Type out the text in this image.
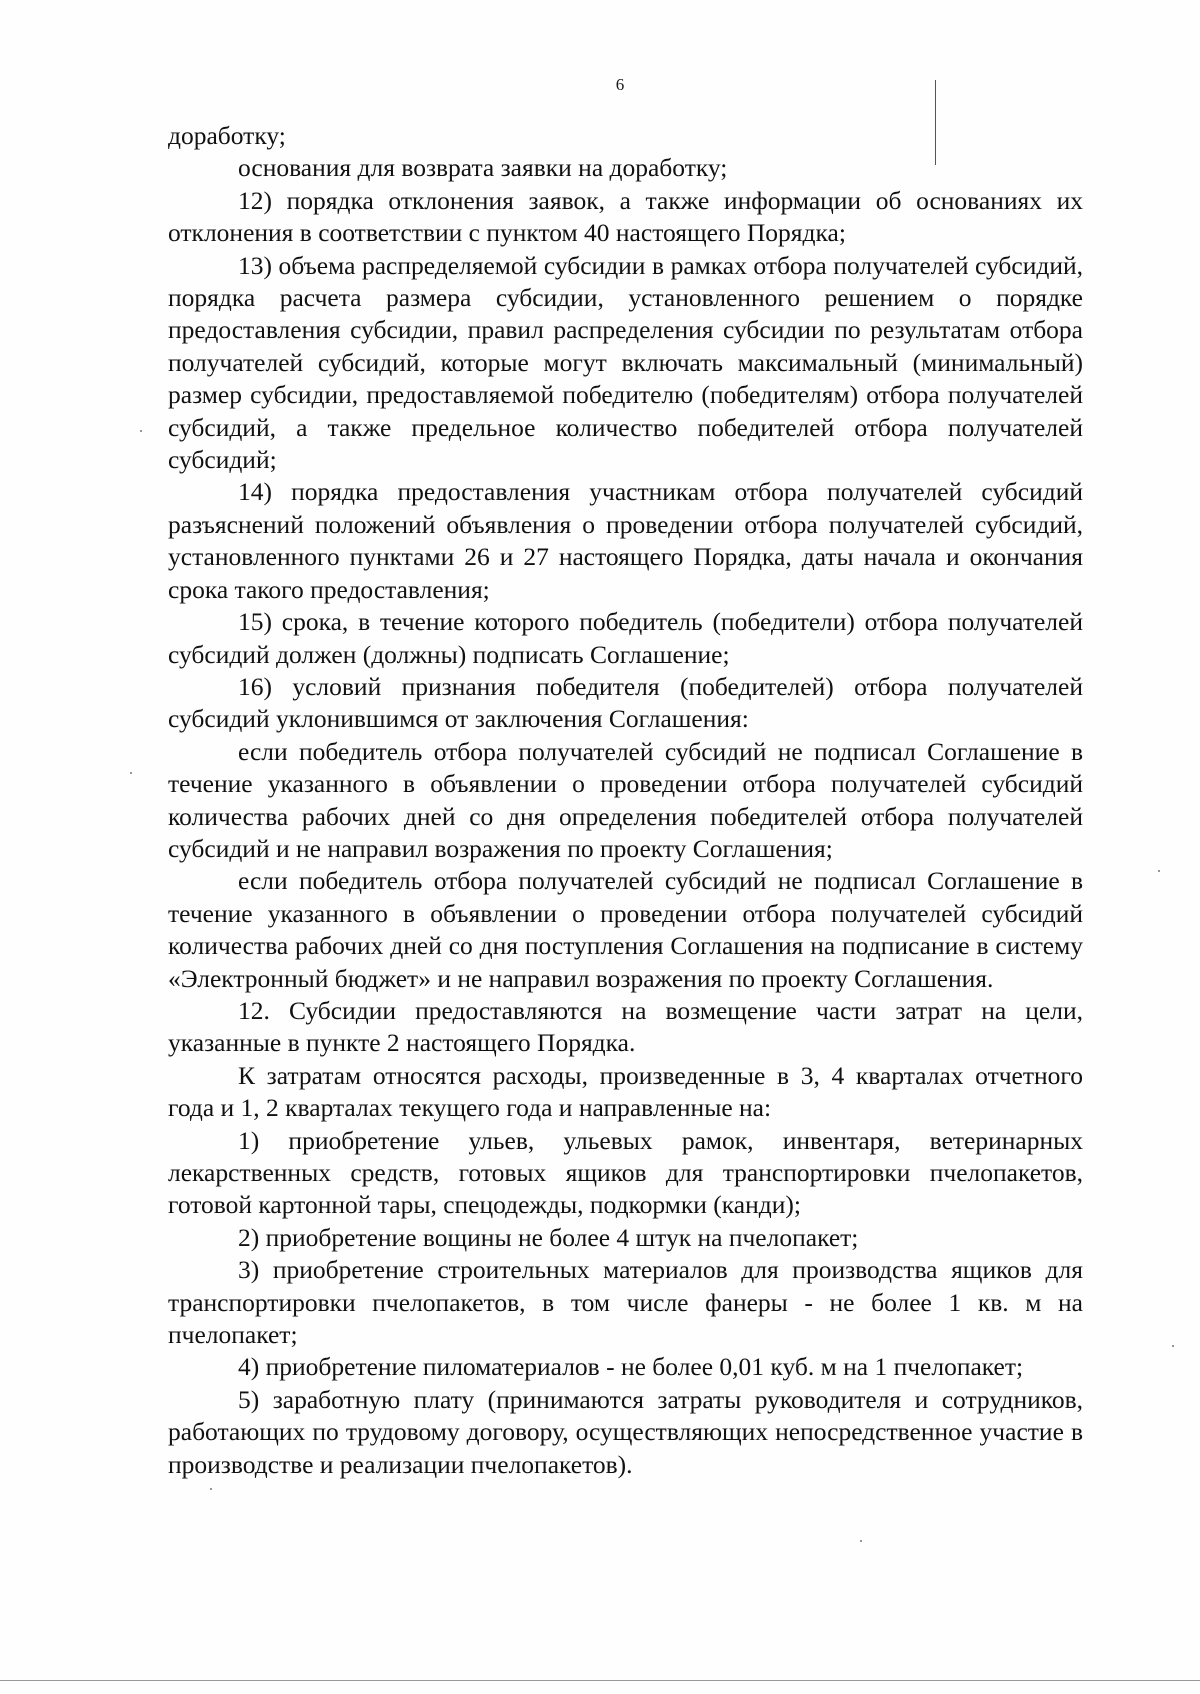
6

доработку;

основания для возврата заявки на доработку;

12) порядка отклонения заявок, а также информации об основаниях их отклонения в соответствии с пунктом 40 настоящего Порядка;

13) объема распределяемой субсидии в рамках отбора получателей субсидий, порядка расчета размера субсидии, установленного решением о порядке предоставления субсидии, правил распределения субсидии по результатам отбора получателей субсидий, которые могут включать максимальный (минимальный) размер субсидии, предоставляемой победителю (победителям) отбора получателей субсидий, а также предельное количество победителей отбора получателей субсидий;

14) порядка предоставления участникам отбора получателей субсидий разъяснений положений объявления о проведении отбора получателей субсидий, установленного пунктами 26 и 27 настоящего Порядка, даты начала и окончания срока такого предоставления;

15) срока, в течение которого победитель (победители) отбора получателей субсидий должен (должны) подписать Соглашение;

16) условий признания победителя (победителей) отбора получателей субсидий уклонившимся от заключения Соглашения:

если победитель отбора получателей субсидий не подписал Соглашение в течение указанного в объявлении о проведении отбора получателей субсидий количества рабочих дней со дня определения победителей отбора получателей субсидий и не направил возражения по проекту Соглашения;

если победитель отбора получателей субсидий не подписал Соглашение в течение указанного в объявлении о проведении отбора получателей субсидий количества рабочих дней со дня поступления Соглашения на подписание в систему «Электронный бюджет» и не направил возражения по проекту Соглашения.

12. Субсидии предоставляются на возмещение части затрат на цели, указанные в пункте 2 настоящего Порядка.

К затратам относятся расходы, произведенные в 3, 4 кварталах отчетного года и 1, 2 кварталах текущего года и направленные на:

1) приобретение ульев, ульевых рамок, инвентаря, ветеринарных лекарственных средств, готовых ящиков для транспортировки пчелопакетов, готовой картонной тары, спецодежды, подкормки (канди);

2) приобретение вощины не более 4 штук на пчелопакет;

3) приобретение строительных материалов для производства ящиков для транспортировки пчелопакетов, в том числе фанеры - не более 1 кв. м на пчелопакет;

4) приобретение пиломатериалов - не более 0,01 куб. м на 1 пчелопакет;

5) заработную плату (принимаются затраты руководителя и сотрудников, работающих по трудовому договору, осуществляющих непосредственное участие в производстве и реализации пчелопакетов).
